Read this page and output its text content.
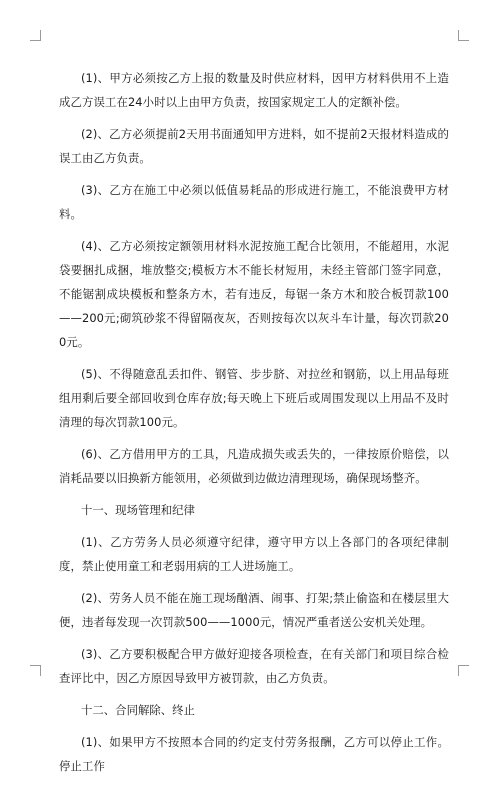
(1)、甲方必须按乙方上报的数量及时供应材料，因甲方材料供用不上造成乙方误工在24小时以上由甲方负责，按国家规定工人的定额补偿。

(2)、乙方必须提前2天用书面通知甲方进料，如不提前2天报材料造成的误工由乙方负责。

(3)、乙方在施工中必须以低值易耗品的形成进行施工，不能浪费甲方材料。

(4)、乙方必须按定额领用材料水泥按施工配合比领用，不能超用，水泥袋要捆扎成捆，堆放整交;模板方木不能长材短用，未经主管部门签字同意，不能锯割成块模板和整条方木，若有违反，每锯一条方木和胶合板罚款100——200元;砌筑砂浆不得留隔夜灰，否则按每次以灰斗车计量，每次罚款200元。

(5)、不得随意乱丢扣件、钢管、步步脐、对拉丝和钢筋，以上用品每班组用剩后要全部回收到仓库存放;每天晚上下班后或周围发现以上用品不及时清理的每次罚款100元。

(6)、乙方借用甲方的工具，凡造成损失或丢失的，一律按原价赔偿，以消耗品要以旧换新方能领用，必须做到边做边清理现场，确保现场整齐。

十一、现场管理和纪律

(1)、乙方劳务人员必须遵守纪律，遵守甲方以上各部门的各项纪律制度，禁止使用童工和老弱用病的工人进场施工。

(2)、劳务人员不能在施工现场酗酒、闹事、打架;禁止偷盗和在楼层里大便，违者每发现一次罚款500——1000元，情况严重者送公安机关处理。

(3)、乙方要积极配合甲方做好迎接各项检查，在有关部门和项目综合检查评比中，因乙方原因导致甲方被罚款，由乙方负责。

十二、合同解除、终止

(1)、如果甲方不按照本合同的约定支付劳务报酬，乙方可以停止工作。停止工作
